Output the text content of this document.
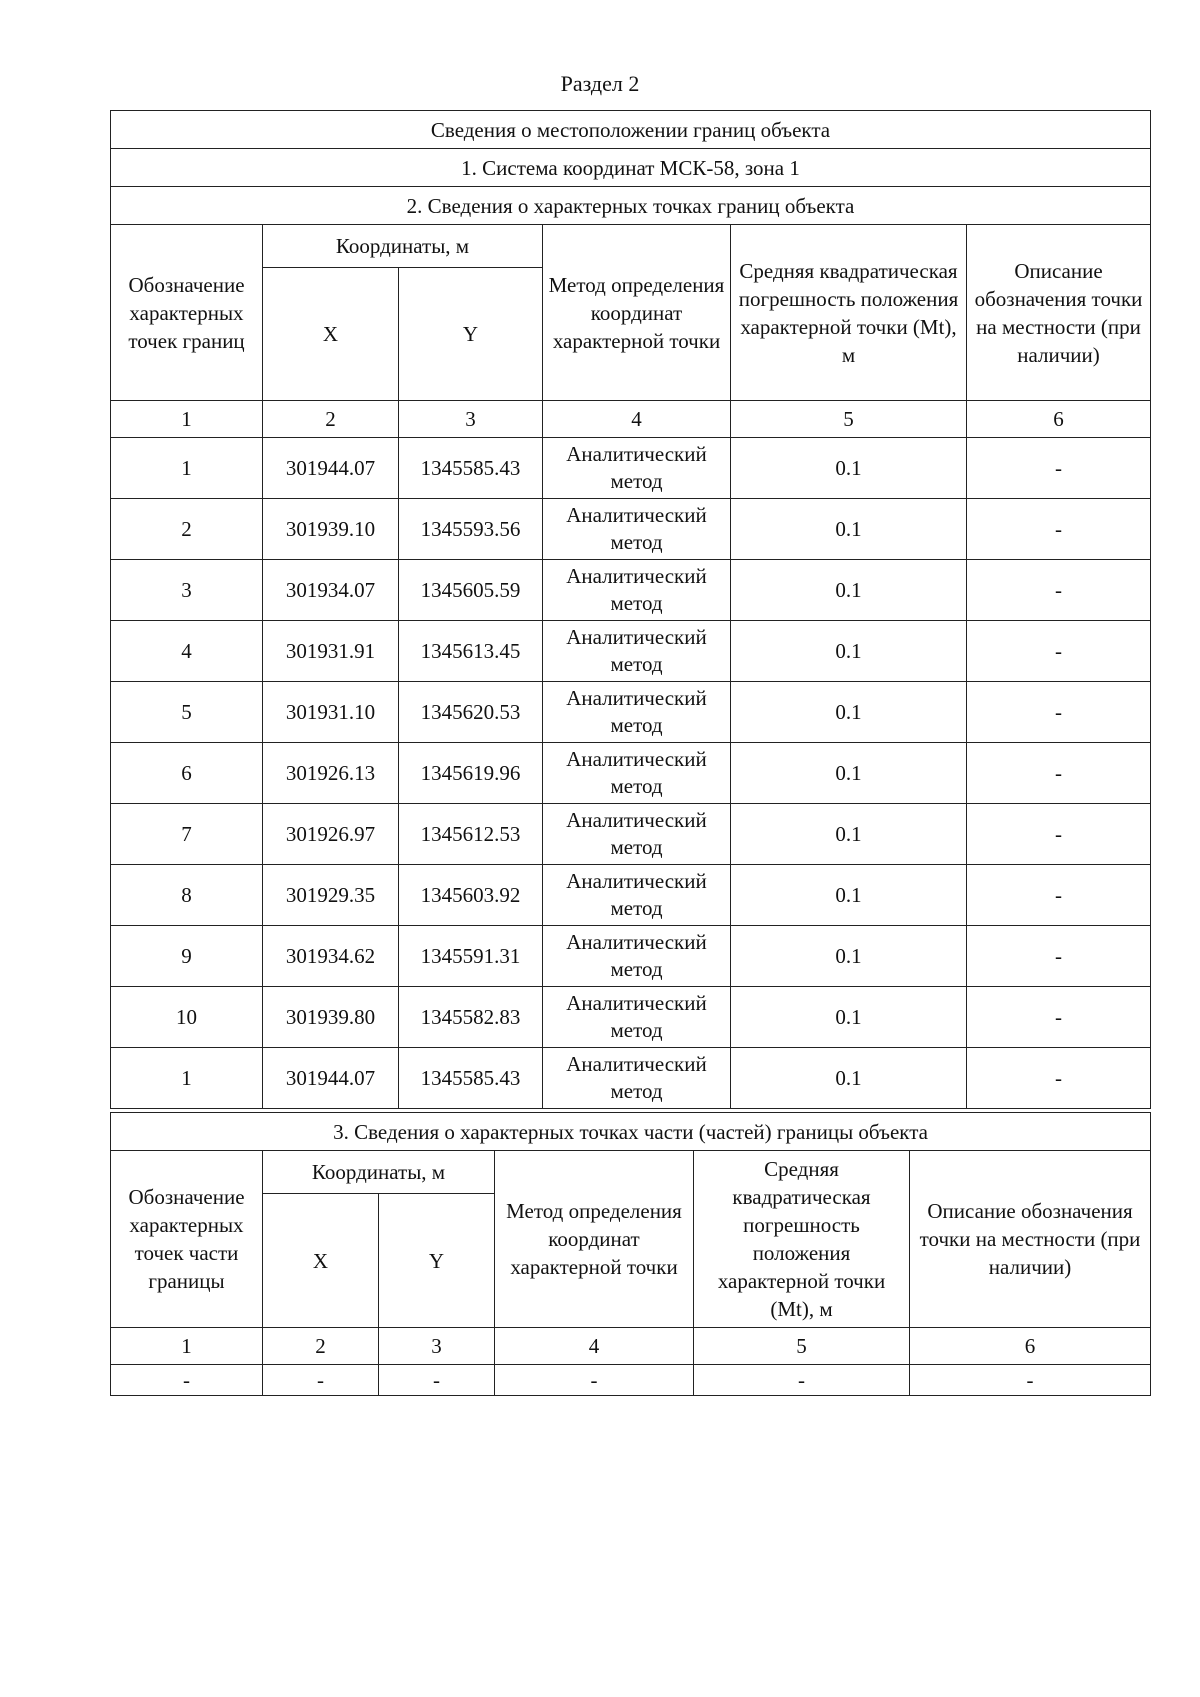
Раздел 2
Сведения о местоположении границ объекта					
1. Система координат МСК-58, зона 1					
2. Сведения о характерных точках границ объекта					
Обозначение характерных точек границ	Координаты, м		Метод определения координат характерной точки	Средняя квадратическая погрешность положения характерной точки (Mt), м	Описание обозначения точки на местности (при наличии)
	X	Y			
1	2	3	4	5	6
1	301944.07	1345585.43	Аналитический метод	0.1	-
2	301939.10	1345593.56	Аналитический метод	0.1	-
3	301934.07	1345605.59	Аналитический метод	0.1	-
4	301931.91	1345613.45	Аналитический метод	0.1	-
5	301931.10	1345620.53	Аналитический метод	0.1	-
6	301926.13	1345619.96	Аналитический метод	0.1	-
7	301926.97	1345612.53	Аналитический метод	0.1	-
8	301929.35	1345603.92	Аналитический метод	0.1	-
9	301934.62	1345591.31	Аналитический метод	0.1	-
10	301939.80	1345582.83	Аналитический метод	0.1	-
1	301944.07	1345585.43	Аналитический метод	0.1	-
3. Сведения о характерных точках части (частей) границы объекта					
Обозначение характерных точек части границы	Координаты, м		Метод определения координат характерной точки	Средняя квадратическая погрешность положения характерной точки (Mt), м	Описание обозначения точки на местности (при наличии)
	X	Y			
1	2	3	4	5	6
-	-	-	-	-	-
